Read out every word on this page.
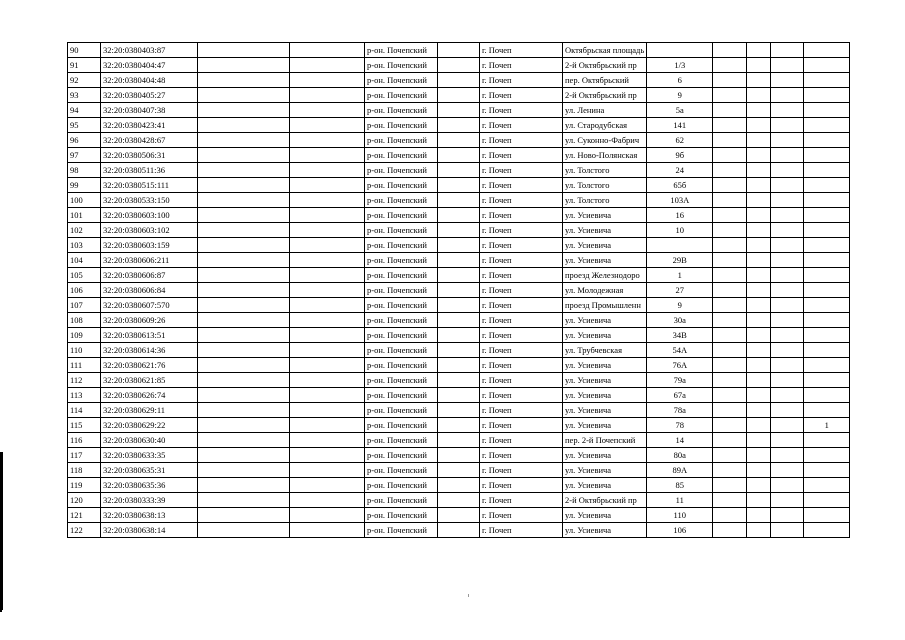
90	32:20:0380403:87			р-он. Почепский		г. Почеп	Октябрьская площадь					
91	32:20:0380404:47			р-он. Почепский		г. Почеп	2-й Октябрьский пр	1/3				
92	32:20:0380404:48			р-он. Почепский		г. Почеп	пер. Октябрьский	6				
93	32:20:0380405:27			р-он. Почепский		г. Почеп	2-й Октябрьский пр	9				
94	32:20:0380407:38			р-он. Почепский		г. Почеп	ул. Ленина	5а				
95	32:20:0380423:41			р-он. Почепский		г. Почеп	ул. Стародубская	141				
96	32:20:0380428:67			р-он. Почепский		г. Почеп	ул. Суконно-Фабрич	62				
97	32:20:0380506:31			р-он. Почепский		г. Почеп	ул. Ново-Полянская	9б				
98	32:20:0380511:36			р-он. Почепский		г. Почеп	ул. Толстого	24				
99	32:20:0380515:111			р-он. Почепский		г. Почеп	ул. Толстого	65б				
100	32:20:0380533:150			р-он. Почепский		г. Почеп	ул. Толстого	103А				
101	32:20:0380603:100			р-он. Почепский		г. Почеп	ул. Усиевича	16				
102	32:20:0380603:102			р-он. Почепский		г. Почеп	ул. Усиевича	10				
103	32:20:0380603:159			р-он. Почепский		г. Почеп	ул. Усиевича					
104	32:20:0380606:211			р-он. Почепский		г. Почеп	ул. Усиевича	29В				
105	32:20:0380606:87			р-он. Почепский		г. Почеп	проезд Железнодоро	1				
106	32:20:0380606:84			р-он. Почепский		г. Почеп	ул. Молодежная	27				
107	32:20:0380607:570			р-он. Почепский		г. Почеп	проезд Промышленн	9				
108	32:20:0380609:26			р-он. Почепский		г. Почеп	ул. Усиевича	30а				
109	32:20:0380613:51			р-он. Почепский		г. Почеп	ул. Усиевича	34В				
110	32:20:0380614:36			р-он. Почепский		г. Почеп	ул. Трубчевская	54А				
111	32:20:0380621:76			р-он. Почепский		г. Почеп	ул. Усиевича	76А				
112	32:20:0380621:85			р-он. Почепский		г. Почеп	ул. Усиевича	79а				
113	32:20:0380626:74			р-он. Почепский		г. Почеп	ул. Усиевича	67а				
114	32:20:0380629:11			р-он. Почепский		г. Почеп	ул. Усиевича	78а				
115	32:20:0380629:22			р-он. Почепский		г. Почеп	ул. Усиевича	78				1
116	32:20:0380630:40			р-он. Почепский		г. Почеп	пер. 2-й Почепский	14				
117	32:20:0380633:35			р-он. Почепский		г. Почеп	ул. Усиевича	80а				
118	32:20:0380635:31			р-он. Почепский		г. Почеп	ул. Усиевича	89А				
119	32:20:0380635:36			р-он. Почепский		г. Почеп	ул. Усиевича	85				
120	32:20:0380333:39			р-он. Почепский		г. Почеп	2-й Октябрьский пр	11				
121	32:20:0380638:13			р-он. Почепский		г. Почеп	ул. Усиевича	110				
122	32:20:0380638:14			р-он. Почепский		г. Почеп	ул. Усиевича	106				
